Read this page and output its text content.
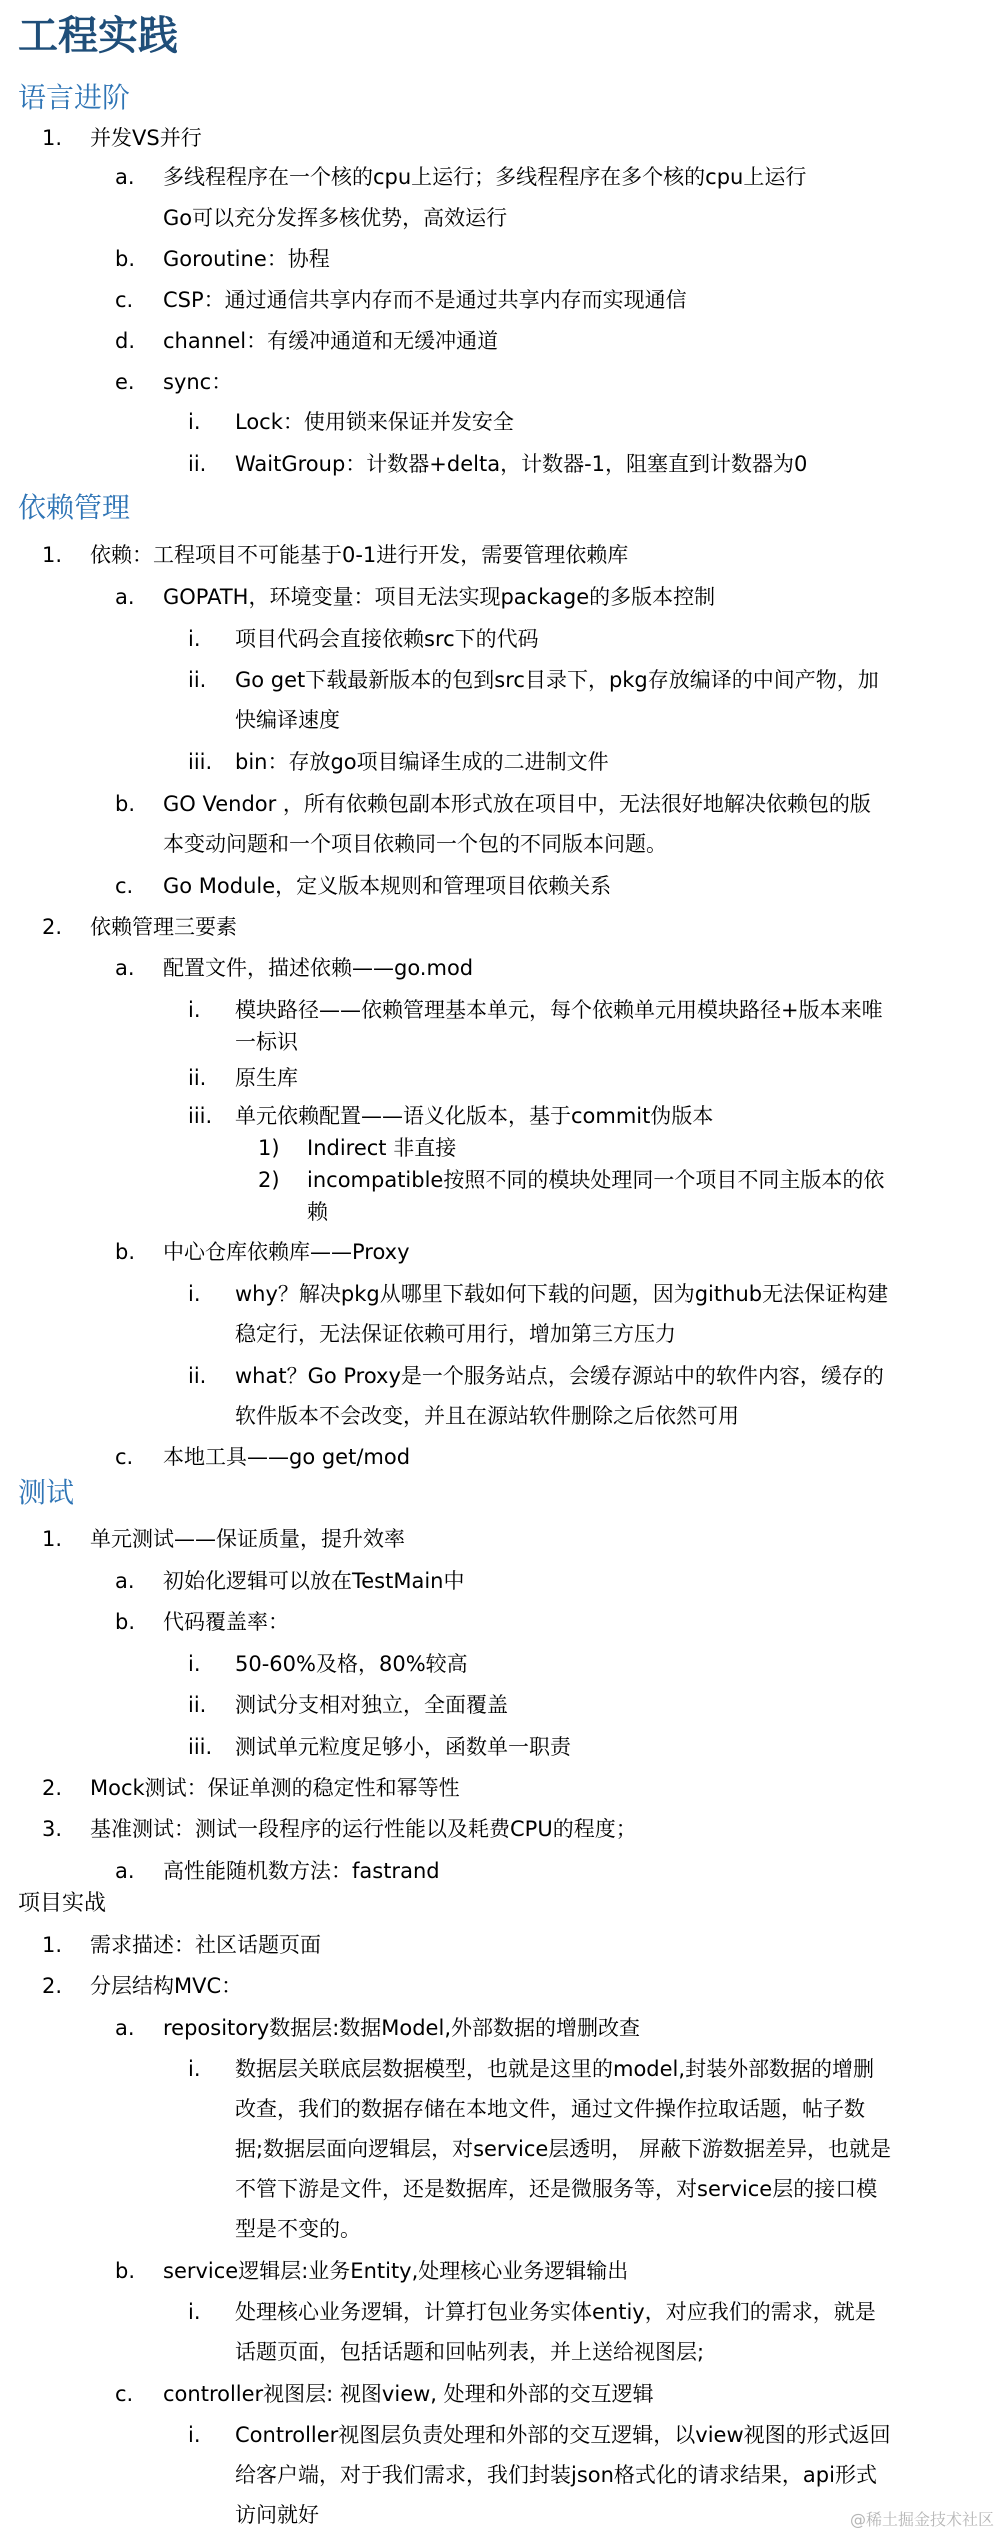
工程实践
语言进阶
1. 并发VS并行
a. 多线程程序在一个核的cpu上运行；多线程程序在多个核的cpu上运行
Go可以充分发挥多核优势，高效运行
b. Goroutine：协程
c. CSP：通过通信共享内存而不是通过共享内存而实现通信
d. channel：有缓冲通道和无缓冲通道
e. sync：
i. Lock：使用锁来保证并发安全
ii. WaitGroup：计数器+delta，计数器-1，阻塞直到计数器为0
依赖管理
1. 依赖：工程项目不可能基于0-1进行开发，需要管理依赖库
a. GOPATH，环境变量：项目无法实现package的多版本控制
i. 项目代码会直接依赖src下的代码
ii. Go get下载最新版本的包到src目录下，pkg存放编译的中间产物，加
快编译速度
iii. bin：存放go项目编译生成的二进制文件
b. GO Vendor ，所有依赖包副本形式放在项目中，无法很好地解决依赖包的版
本变动问题和一个项目依赖同一个包的不同版本问题。
c. Go Module，定义版本规则和管理项目依赖关系
2. 依赖管理三要素
a. 配置文件，描述依赖——go.mod
i. 模块路径——依赖管理基本单元，每个依赖单元用模块路径+版本来唯
一标识
ii. 原生库
iii. 单元依赖配置——语义化版本，基于commit伪版本
1) Indirect 非直接
2) incompatible按照不同的模块处理同一个项目不同主版本的依
赖
b. 中心仓库依赖库——Proxy
i. why？解决pkg从哪里下载如何下载的问题，因为github无法保证构建
稳定行，无法保证依赖可用行，增加第三方压力
ii. what？Go Proxy是一个服务站点，会缓存源站中的软件内容，缓存的
软件版本不会改变，并且在源站软件删除之后依然可用
c. 本地工具——go get/mod
测试
1. 单元测试——保证质量，提升效率
a. 初始化逻辑可以放在TestMain中
b. 代码覆盖率：
i. 50-60%及格，80%较高
ii. 测试分支相对独立，全面覆盖
iii. 测试单元粒度足够小，函数单一职责
2. Mock测试：保证单测的稳定性和幂等性
3. 基准测试：测试一段程序的运行性能以及耗费CPU的程度；
a. 高性能随机数方法：fastrand
项目实战
1. 需求描述：社区话题页面
2. 分层结构MVC：
a. repository数据层:数据Model,外部数据的增删改查
i. 数据层关联底层数据模型，也就是这里的model,封装外部数据的增删
改查，我们的数据存储在本地文件，通过文件操作拉取话题，帖子数
据;数据层面向逻辑层，对service层透明， 屏蔽下游数据差异，也就是
不管下游是文件，还是数据库，还是微服务等，对service层的接口模
型是不变的。
b. service逻辑层:业务Entity,处理核心业务逻辑输出
i. 处理核心业务逻辑，计算打包业务实体entiy，对应我们的需求，就是
话题页面，包括话题和回帖列表，并上送给视图层;
c. controller视图层: 视图view, 处理和外部的交互逻辑
i. Controller视图层负责处理和外部的交互逻辑，以view视图的形式返回
给客户端，对于我们需求，我们封装json格式化的请求结果，api形式
访问就好	@稀土掘金技术社区
